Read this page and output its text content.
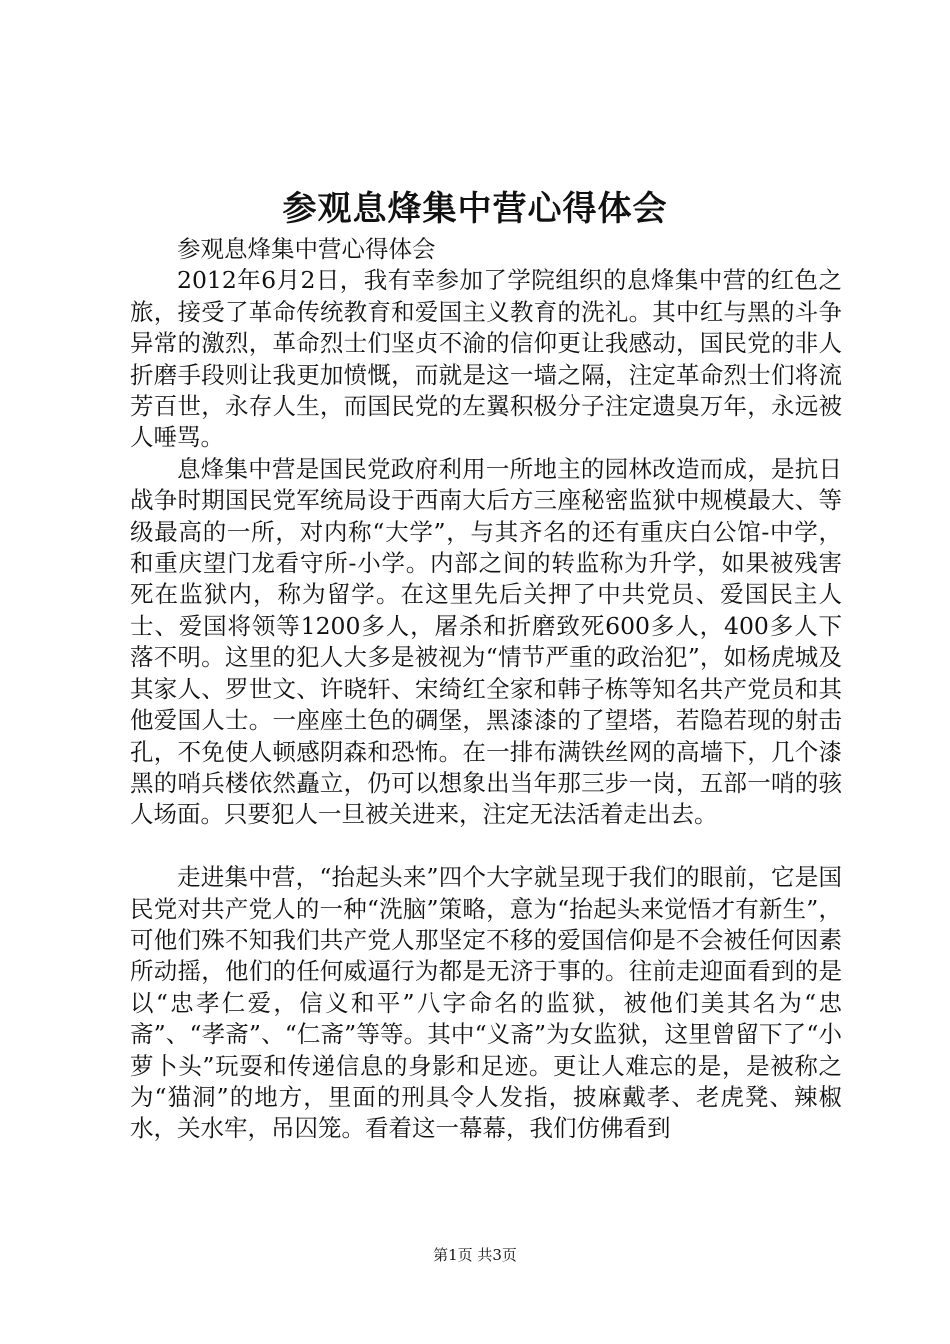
参观息烽集中营心得体会

参观息烽集中营心得体会

2012年6月2日，我有幸参加了学院组织的息烽集中营的红色之旅，接受了革命传统教育和爱国主义教育的洗礼。其中红与黑的斗争异常的激烈，革命烈士们坚贞不渝的信仰更让我感动，国民党的非人折磨手段则让我更加愤慨，而就是这一墙之隔，注定革命烈士们将流芳百世，永存人生，而国民党的左翼积极分子注定遗臭万年，永远被人唾骂。

息烽集中营是国民党政府利用一所地主的园林改造而成，是抗日战争时期国民党军统局设于西南大后方三座秘密监狱中规模最大、等级最高的一所，对内称“大学”，与其齐名的还有重庆白公馆-中学，和重庆望门龙看守所-小学。内部之间的转监称为升学，如果被残害死在监狱内，称为留学。在这里先后关押了中共党员、爱国民主人士、爱国将领等1200多人，屠杀和折磨致死600多人，400多人下落不明。这里的犯人大多是被视为“情节严重的政治犯”，如杨虎城及其家人、罗世文、许晓轩、宋绮红全家和韩子栋等知名共产党员和其他爱国人士。一座座土色的碉堡，黑漆漆的了望塔，若隐若现的射击孔，不免使人顿感阴森和恐怖。在一排布满铁丝网的高墙下，几个漆黑的哨兵楼依然矗立，仍可以想象出当年那三步一岗，五部一哨的骇人场面。只要犯人一旦被关进来，注定无法活着走出去。

走进集中营，“抬起头来”四个大字就呈现于我们的眼前，它是国民党对共产党人的一种“洗脑”策略，意为“抬起头来觉悟才有新生”，可他们殊不知我们共产党人那坚定不移的爱国信仰是不会被任何因素所动摇，他们的任何威逼行为都是无济于事的。往前走迎面看到的是以“忠孝仁爱，信义和平”八字命名的监狱，被他们美其名为“忠斋”、“孝斋”、“仁斋”等等。其中“义斋”为女监狱，这里曾留下了“小萝卜头”玩耍和传递信息的身影和足迹。更让人难忘的是，是被称之为“猫洞”的地方，里面的刑具令人发指，披麻戴孝、老虎凳、辣椒水，关水牢，吊囚笼。看着这一幕幕，我们仿佛看到

第1页 共3页
